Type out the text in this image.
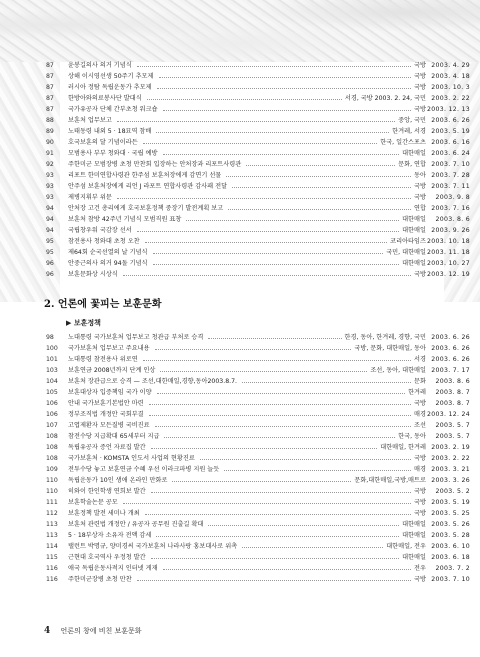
87	윤봉길의사 의거 기념식	국방 2003. 4. 29
87	상해 이시영선생 50주기 추모제	국방 2003. 4. 18
87	러시아 정탐 독립운동가 추모제	국방 2003. 10. 3
87	한방아와의료봉사단 발대식	서경, 국방 2003. 2. 24, 국민 2003. 2. 22
87	국가유공자 단체 간부초청 워크숍	국방 2003. 12. 13
88	보훈처 업무보고	중앙, 국민 2003. 6. 26
89	노태동령 내외 5 · 18묘역 참배	한겨레, 서경 2003. 5. 19
90	호국보훈의 달 기념이라든	한국, 일간스포츠 2003. 6. 16
91	모범용사 부부 청와대 · 국립 예방	대한매일 2003. 6. 24
92	주한미군 모범장병 초청 만찬회 입장하는 안처장과 리포트사령관	문화, 연합 2003. 7. 10
93	리포트 한미연합사령관 한주섬 보훈처장에게 감면기 선물	동아 2003. 7. 28
93	안주섬 보훈처장에게 리언 J 라포트 연합사령관 감사패 전달	국방 2003. 7. 11
93	제병지휘부 위문	국방	2003. 9. 8
94	안처장 고건 총리에게 호국보훈정책 중장기 발전계획 보고	연합 2003. 7. 16
94	보훈처 참방 42주년 기념식 모범직원 표창	대한매일	2003. 8. 6
94	국립창우워 국감장 선서	대한매일 2003. 9. 26
95	참전용사 청와대 초청 오찬	코리아타임즈 2003. 10. 18
95	제64회 순국선열의 날 기념식	국민, 대한매일 2003. 11. 18
96	안중근의사 의거 94돌 기념식	대한매일 2003. 10. 27
96	보훈문화상 시상식	국방 2003. 12. 19
2. 언론에 꽃피는 보훈문화
▶ 보훈정책
98	노대통령 국가보훈처 업무보고 청관급 부처로 승격	한경, 동아, 한겨레, 경향, 국민 2003. 6. 26
100	국가보훈처 업무보고 주요내용	국방, 문화, 대한매일, 동아 2003. 6. 26
101	노대통령 참전용사 위로연	서경 2003. 6. 26
103	보훈연금 2008년까지 단계 인상	조선, 동아, 대한매일 2003. 7. 17
104	보훈처 장관급으로 승격 — 조선,대한매일,경향,동아2003.8.7.	문화	2003. 8. 6
105	보훈대상자 입증책임 국가 이양	한겨레	2003. 8. 7
106	안내 국가보훈기본법안 마련	국방	2003. 8. 7
106	정부조직법 개정안 국회부결	매경 2003. 12. 24
107	고엽제환자 모든질병 국비진료	조선	2003. 5. 7
108	참전수당 지급확대 65세부터 지급	한국, 동아	2003. 5. 7
108	독립유공자 증언 자료집 발간	대한매일, 한겨레 2003. 2. 19
108	국가보훈처 · KOMSTA 인도서 사업의 현황진료	국방 2003. 2. 22
109	전투수당 놓고 보훈연금 수혜 우선 이라크파병 지원 늘듯	매경 2003. 3. 21
110	독립운동가 10인 생애 온라인 만화로	문화,대한매일,국방,매트로 2003. 3. 26
110	히와이 한인학생 연희보 발간	국방	2003. 5. 2
111	보훈학술논문 공모	국방 2003. 5. 19
112	보훈정책 발전 세미나 개최	국방 2003. 5. 25
113	보훈처 관련법 개정안 / 유공자 공무원 진출길 확대	대한매일 2003. 5. 26
113	5 · 18부상자 소유자 전액 감세	대한매일 2003. 5. 28
114	탤런트 박명규, 양미경씨 국가보훈처 나라사랑 홍보대사로 위촉	대한매일, 전우 2003. 6. 10
115	근현대 호국역사 우정청 발간	대한매일 2003. 6. 18
116	애국 독립운동사적지 인터넷 게재	전우	2003. 7. 2
116	주한미군장병 초청 만찬	국방 2003. 7. 10
4 언론의 창에 비친 보훈문화
